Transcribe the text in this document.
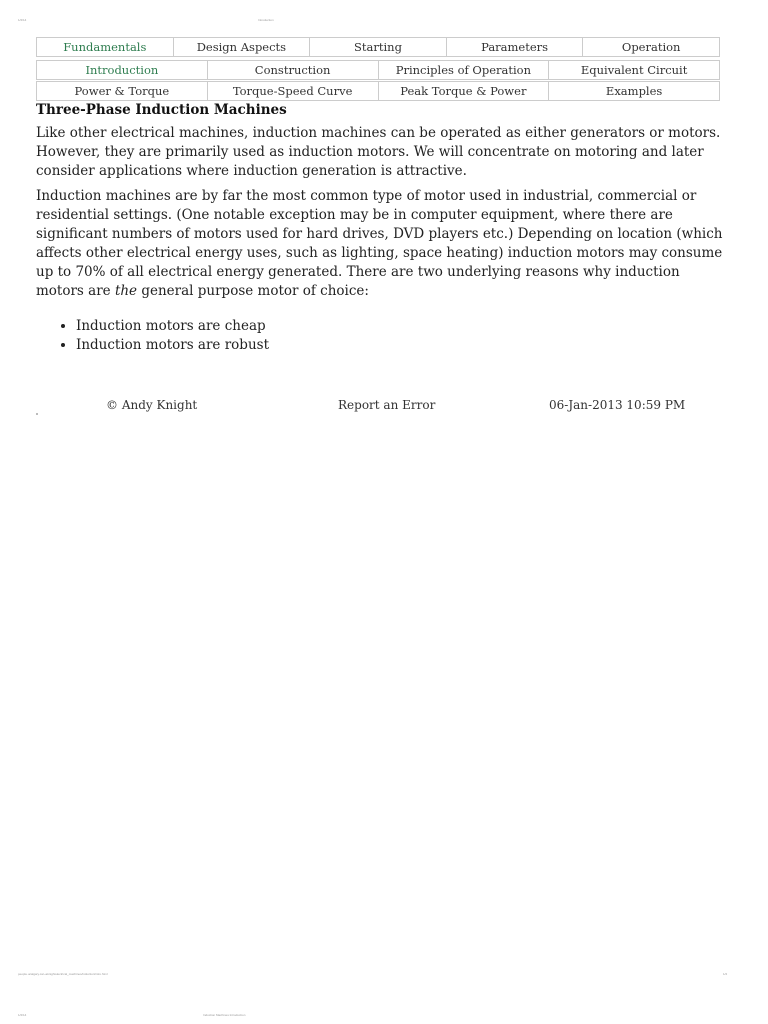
1/2/14	Introduction
Fundamentals	Design Aspects	Starting	Parameters	Operation
Introduction	Construction	Principles of Operation	Equivalent Circuit
Power & Torque	Torque-Speed Curve	Peak Torque & Power	Examples
Three-Phase Induction Machines

Like other electrical machines, induction machines can be operated as either generators or motors. However, they are primarily used as induction motors. We will concentrate on motoring and later consider applications where induction generation is attractive.

Induction machines are by far the most common type of motor used in industrial, commercial or residential settings. (One notable exception may be in computer equipment, where there are significant numbers of motors used for hard drives, DVD players etc.) Depending on location (which affects other electrical energy uses, such as lighting, space heating) induction motors may consume up to 70% of all electrical energy generated. There are two underlying reasons why induction motors are the general purpose motor of choice:

• Induction motors are cheap
• Induction motors are robust
© Andy Knight	Report an Error	06-Jan-2013 10:59 PM
people.ucalgary.ca/~aknigh/electrical_machines/induction/intro.html	1/2
1/2/14	Induction Machines Introduction
